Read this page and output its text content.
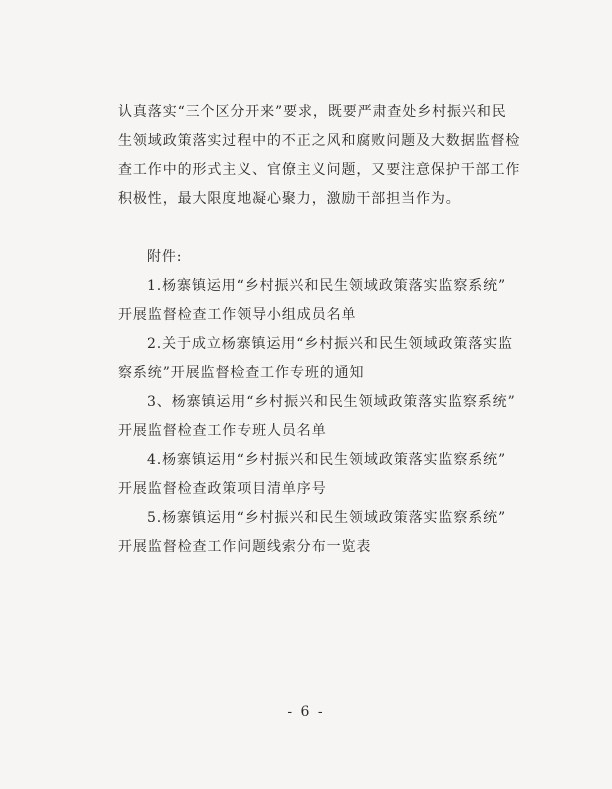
认真落实“三个区分开来”要求，既要严肃查处乡村振兴和民
生领域政策落实过程中的不正之风和腐败问题及大数据监督检
查工作中的形式主义、官僚主义问题，又要注意保护干部工作
积极性，最大限度地凝心聚力，激励干部担当作为。
附件:
1.杨寨镇运用“乡村振兴和民生领域政策落实监察系统”
开展监督检查工作领导小组成员名单
2.关于成立杨寨镇运用“乡村振兴和民生领域政策落实监
察系统”开展监督检查工作专班的通知
3、杨寨镇运用“乡村振兴和民生领域政策落实监察系统”
开展监督检查工作专班人员名单
4.杨寨镇运用“乡村振兴和民生领域政策落实监察系统”
开展监督检查政策项目清单序号
5.杨寨镇运用“乡村振兴和民生领域政策落实监察系统”
开展监督检查工作问题线索分布一览表
- 6 -
